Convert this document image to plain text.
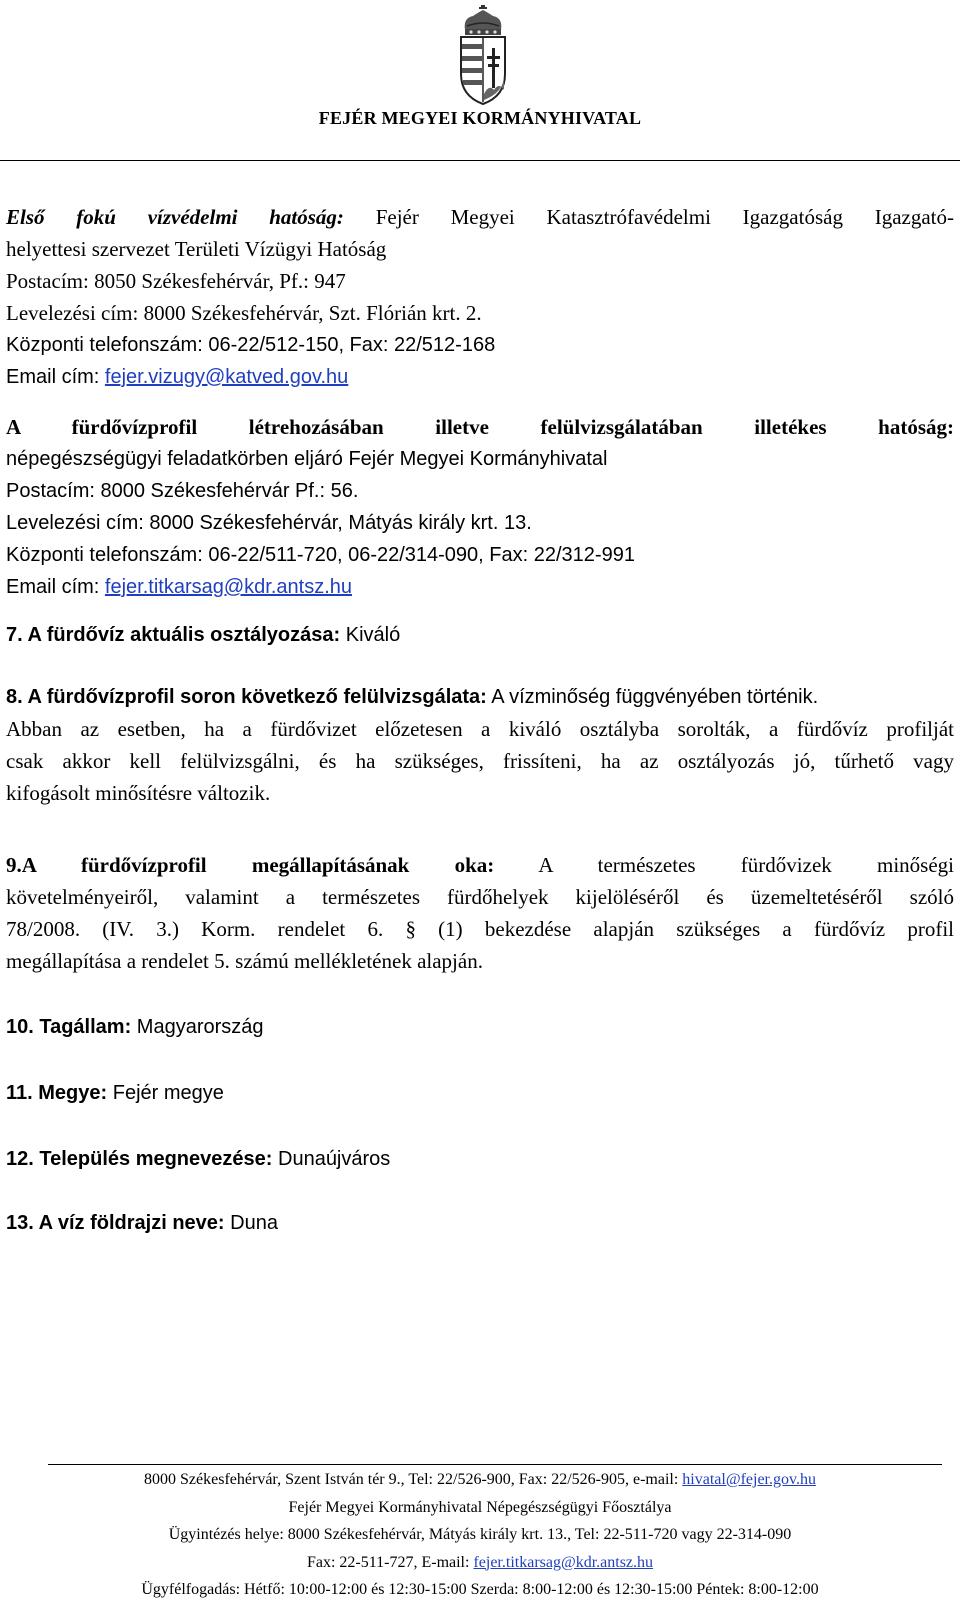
FEJÉR MEGYEI KORMÁNYHIVATAL
Első fokú vízvédelmi hatóság: Fejér Megyei Katasztrófavédelmi Igazgatóság Igazgató-
helyettesi szervezet Területi Vízügyi Hatóság
Postacím: 8050 Székesfehérvár, Pf.: 947
Levelezési cím: 8000 Székesfehérvár, Szt. Flórián krt. 2.
Központi telefonszám: 06-22/512-150, Fax: 22/512-168
Email cím: fejer.vizugy@katved.gov.hu
A fürdővízprofil létrehozásában illetve felülvizsgálatában illetékes hatóság:
népegészségügyi feladatkörben eljáró Fejér Megyei Kormányhivatal
Postacím: 8000 Székesfehérvár Pf.: 56.
Levelezési cím: 8000 Székesfehérvár, Mátyás király krt. 13.
Központi telefonszám: 06-22/511-720, 06-22/314-090, Fax: 22/312-991
Email cím: fejer.titkarsag@kdr.antsz.hu
7. A fürdővíz aktuális osztályozása: Kiváló
8. A fürdővízprofil soron következő felülvizsgálata: A vízminőség függvényében történik.
Abban az esetben, ha a fürdővizet előzetesen a kiváló osztályba sorolták, a fürdővíz profilját
csak akkor kell felülvizsgálni, és ha szükséges, frissíteni, ha az osztályozás jó, tűrhető vagy
kifogásolt minősítésre változik.
9.A fürdővízprofil megállapításának oka: A természetes fürdővizek minőségi
követelményeiről, valamint a természetes fürdőhelyek kijelöléséről és üzemeltetéséről szóló
78/2008. (IV. 3.) Korm. rendelet 6. § (1) bekezdése alapján szükséges a fürdővíz profil
megállapítása a rendelet 5. számú mellékletének alapján.
10. Tagállam: Magyarország
11. Megye: Fejér megye
12. Település megnevezése: Dunaújváros
13. A víz földrajzi neve: Duna
8000 Székesfehérvár, Szent István tér 9., Tel: 22/526-900, Fax: 22/526-905, e-mail: hivatal@fejer.gov.hu
Fejér Megyei Kormányhivatal Népegészségügyi Főosztálya
Ügyintézés helye: 8000 Székesfehérvár, Mátyás király krt. 13., Tel: 22-511-720 vagy 22-314-090
Fax: 22-511-727, E-mail: fejer.titkarsag@kdr.antsz.hu
Ügyfélfogadás: Hétfő: 10:00-12:00 és 12:30-15:00 Szerda: 8:00-12:00 és 12:30-15:00 Péntek: 8:00-12:00
